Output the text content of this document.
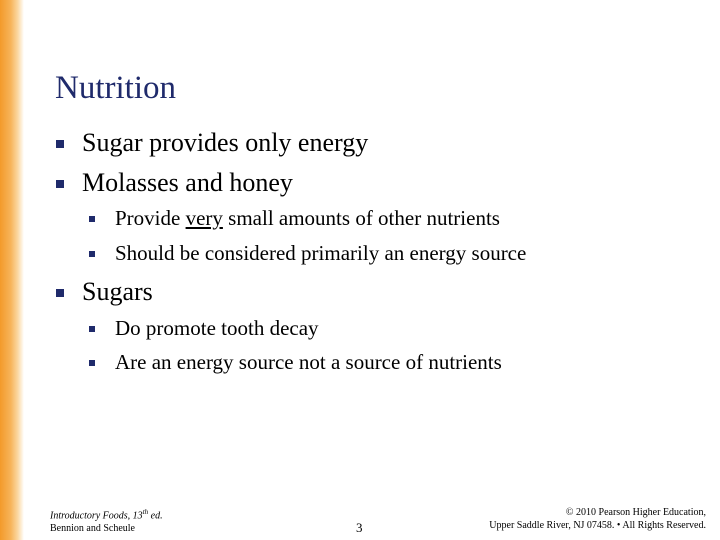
Nutrition
Sugar provides only energy
Molasses and honey
Provide very small amounts of other nutrients
Should be considered primarily an energy source
Sugars
Do promote tooth decay
Are an energy source not a source of nutrients
Introductory Foods, 13th ed.
Bennion and Scheule	3
© 2010 Pearson Higher Education,
Upper Saddle River, NJ 07458. • All Rights Reserved.
